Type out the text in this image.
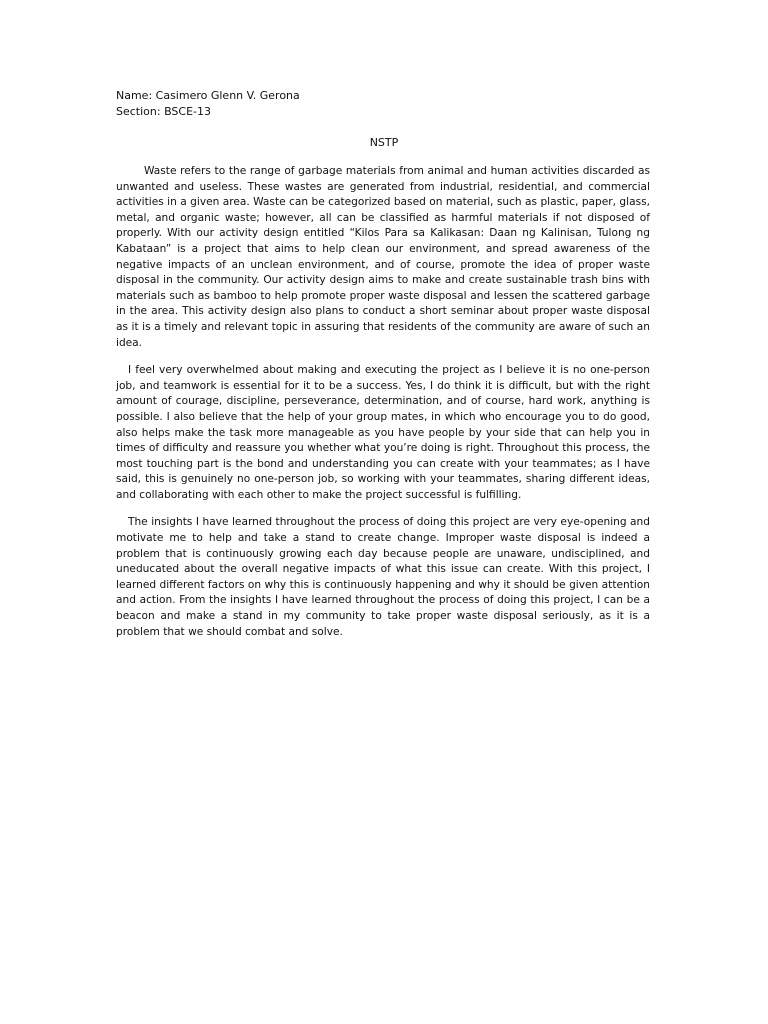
Name: Casimero Glenn V. Gerona
Section: BSCE-13
NSTP

Waste refers to the range of garbage materials from animal and human activities discarded as unwanted and useless. These wastes are generated from industrial, residential, and commercial activities in a given area. Waste can be categorized based on material, such as plastic, paper, glass, metal, and organic waste; however, all can be classified as harmful materials if not disposed of properly. With our activity design entitled “Kilos Para sa Kalikasan: Daan ng Kalinisan, Tulong ng Kabataan” is a project that aims to help clean our environment, and spread awareness of the negative impacts of an unclean environment, and of course, promote the idea of proper waste disposal in the community. Our activity design aims to make and create sustainable trash bins with materials such as bamboo to help promote proper waste disposal and lessen the scattered garbage in the area. This activity design also plans to conduct a short seminar about proper waste disposal as it is a timely and relevant topic in assuring that residents of the community are aware of such an idea.

I feel very overwhelmed about making and executing the project as I believe it is no one-person job, and teamwork is essential for it to be a success. Yes, I do think it is difficult, but with the right amount of courage, discipline, perseverance, determination, and of course, hard work, anything is possible. I also believe that the help of your group mates, in which who encourage you to do good, also helps make the task more manageable as you have people by your side that can help you in times of difficulty and reassure you whether what you’re doing is right. Throughout this process, the most touching part is the bond and understanding you can create with your teammates; as I have said, this is genuinely no one-person job, so working with your teammates, sharing different ideas, and collaborating with each other to make the project successful is fulfilling.

The insights I have learned throughout the process of doing this project are very eye-opening and motivate me to help and take a stand to create change. Improper waste disposal is indeed a problem that is continuously growing each day because people are unaware, undisciplined, and uneducated about the overall negative impacts of what this issue can create. With this project, I learned different factors on why this is continuously happening and why it should be given attention and action. From the insights I have learned throughout the process of doing this project, I can be a beacon and make a stand in my community to take proper waste disposal seriously, as it is a problem that we should combat and solve.
